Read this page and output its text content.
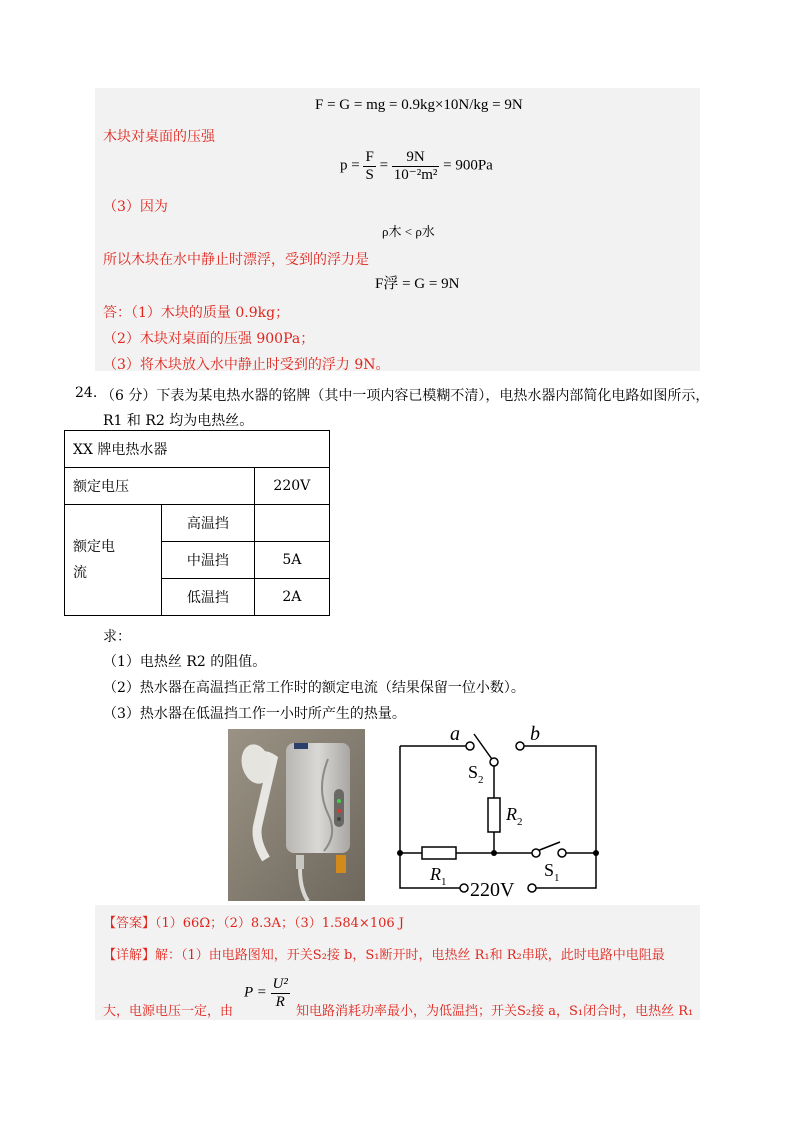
F = G = mg = 0.9kg×10N/kg = 9N
木块对桌面的压强
$p = \frac{F}{S} = \frac{9N}{\text{10⁻²m²}} = 900Pa$
（3）因为
ρ木 < ρ水
所以木块在水中静止时漂浮，受到的浮力是
F浮 = G = 9N
答：（1）木块的质量 0.9kg；
（2）木块对桌面的压强 900Pa；
（3）将木块放入水中静止时受到的浮力 9N。
24. （6 分）下表为某电热水器的铭牌（其中一项内容已模糊不清），电热水器内部简化电路如图所示，
R1 和 R2 均为电热丝。
XX 牌电热水器		
额定电压		220V
额定电
流	高温挡	
	中温挡	5A
	低温挡	2A
求：
（1）电热丝 R2 的阻值。
（2）热水器在高温挡正常工作时的额定电流（结果保留一位小数）。
（3）热水器在低温挡工作一小时所产生的热量。
a	b
$S_2$
$R_2$
$R_1$
$S_1$
220V
【答案】（1）66Ω；（2）8.3A；（3）1.584×106 J
【详解】解：（1）由电路图知，开关S₂接 b，S₁断开时，电热丝 R₁和 R₂串联，此时电路中电阻最
大，电源电压一定，由
$P = \frac{\text{U²}}{R}$
知电路消耗功率最小，为低温挡；开关S₂接 a，S₁闭合时，电热丝 R₁
